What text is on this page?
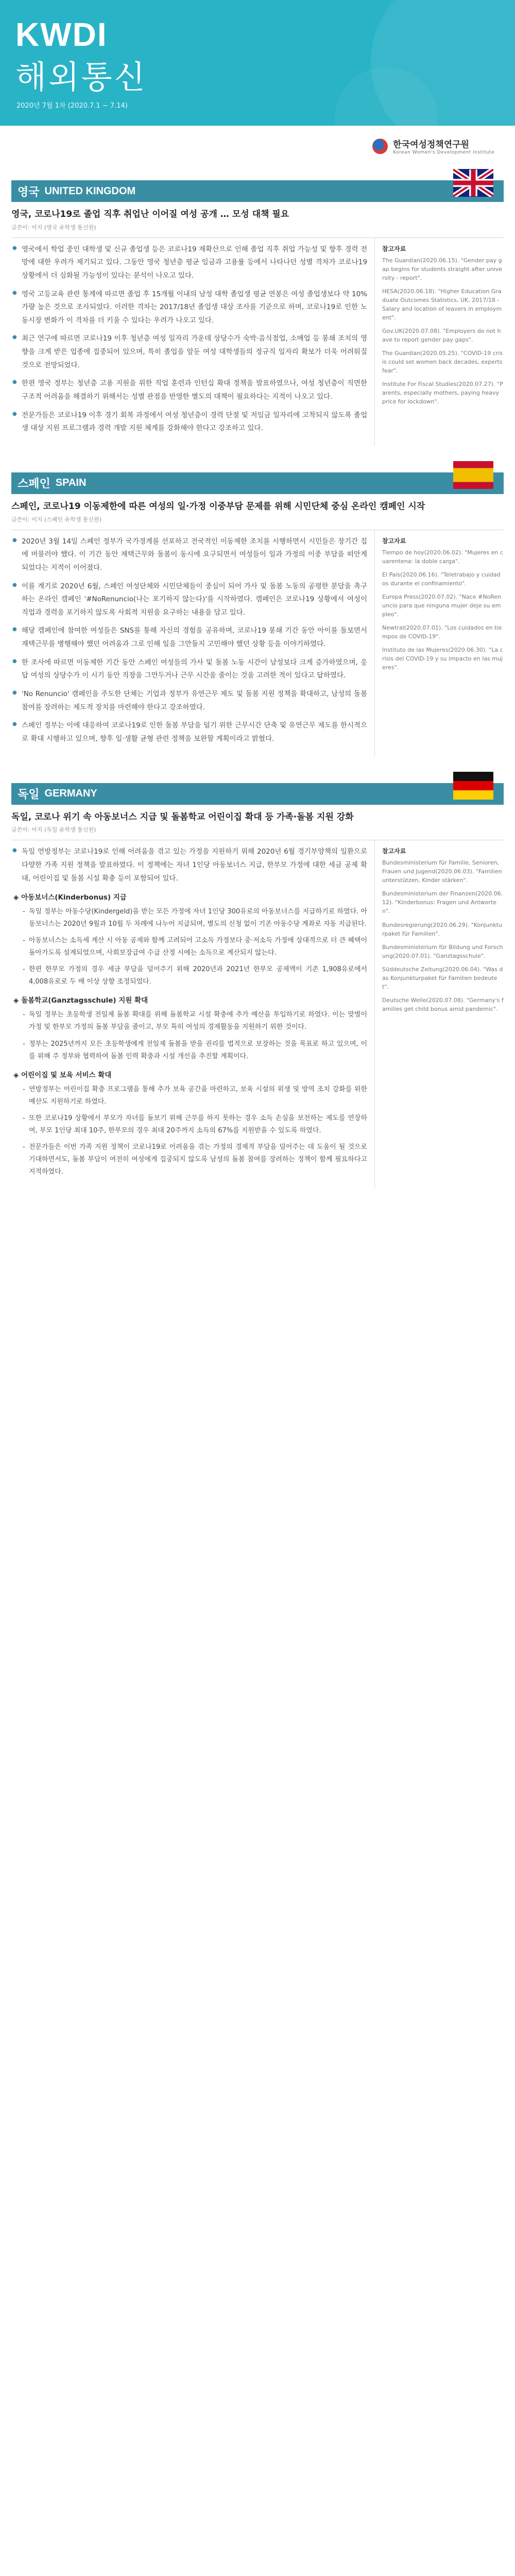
KWDI
해외통신
2020년 7월 1차 (2020.7.1 ~ 7.14)
한국여성정책연구원
Korean Women's Development Institute
영국 UNITED KINGDOM
영국, 코로나19로 졸업 직후 취업난 이어질 여성 공개 … 모성 대책 필요
글쓴이: 이지 (영국 유학생 통신원)

● 영국에서 학업 중인 대학생 및 신규 졸업생 등은 코로나19 재확산으로 인해 졸업 직후 취업 가능성 및 향후 경력 전망에 대한 우려가 제기되고 있다. 그동안 영국 청년층 평균 임금과 고용률 등에서 나타나던 성별 격차가 코로나19 상황에서 더 심화될 가능성이 있다는 분석이 나오고 있다.

● 영국 고등교육 관련 통계에 따르면 졸업 후 15개월 이내의 남성 대학 졸업생 평균 연봉은 여성 졸업생보다 약 10%가량 높은 것으로 조사되었다. 이러한 격차는 2017/18년 졸업생 대상 조사를 기준으로 하며, 코로나19로 인한 노동시장 변화가 이 격차를 더 키울 수 있다는 우려가 나오고 있다.

● 최근 연구에 따르면 코로나19 이후 청년층 여성 일자리 가운데 상당수가 숙박·음식점업, 소매업 등 봉쇄 조치의 영향을 크게 받은 업종에 집중되어 있으며, 특히 졸업을 앞둔 여성 대학생들의 정규직 일자리 확보가 더욱 어려워질 것으로 전망되었다.

● 한편 영국 정부는 청년층 고용 지원을 위한 직업 훈련과 인턴십 확대 정책을 발표하였으나, 여성 청년층이 직면한 구조적 어려움을 해결하기 위해서는 성별 관점을 반영한 별도의 대책이 필요하다는 지적이 나오고 있다.

● 전문가들은 코로나19 이후 경기 회복 과정에서 여성 청년층이 경력 단절 및 저임금 일자리에 고착되지 않도록 졸업생 대상 지원 프로그램과 경력 개발 지원 체계를 강화해야 한다고 강조하고 있다.

참고자료
The Guardian(2020.06.15). "Gender pay gap begins for students straight after university - report".
HESA(2020.06.18). "Higher Education Graduate Outcomes Statistics, UK, 2017/18 - Salary and location of leavers in employment".
Gov.UK(2020.07.08). "Employers do not have to report gender pay gaps".
The Guardian(2020.05.25). "COVID-19 crisis could set women back decades, experts fear".
Institute For Fiscal Studies(2020.07.27). "Parents, especially mothers, paying heavy price for lockdown".
스페인 SPAIN
스페인, 코로나19 이동제한에 따른 여성의 일·가정 이중부담 문제를 위해 시민단체 중심 온라인 캠페인 시작
글쓴이: 이지 (스페인 유학생 통신원)

● 2020년 3월 14일 스페인 정부가 국가경계를 선포하고 전국적인 이동제한 조치를 시행하면서 시민들은 장기간 집에 머물러야 했다. 이 기간 동안 재택근무와 돌봄이 동시에 요구되면서 여성들이 일과 가정의 이중 부담을 떠안게 되었다는 지적이 이어졌다.

● 이를 계기로 2020년 6월, 스페인 여성단체와 시민단체들이 중심이 되어 가사 및 돌봄 노동의 공평한 분담을 촉구하는 온라인 캠페인 '#NoRenuncio(나는 포기하지 않는다)'를 시작하였다. 캠페인은 코로나19 상황에서 여성이 직업과 경력을 포기하지 않도록 사회적 지원을 요구하는 내용을 담고 있다.

● 해당 캠페인에 참여한 여성들은 SNS를 통해 자신의 경험을 공유하며, 코로나19 봉쇄 기간 동안 아이를 돌보면서 재택근무를 병행해야 했던 어려움과 그로 인해 일을 그만둘지 고민해야 했던 상황 등을 이야기하였다.

● 한 조사에 따르면 이동제한 기간 동안 스페인 여성들의 가사 및 돌봄 노동 시간이 남성보다 크게 증가하였으며, 응답 여성의 상당수가 이 시기 동안 직장을 그만두거나 근무 시간을 줄이는 것을 고려한 적이 있다고 답하였다.

● 'No Renuncio' 캠페인을 주도한 단체는 기업과 정부가 유연근무 제도 및 돌봄 지원 정책을 확대하고, 남성의 돌봄 참여를 장려하는 제도적 장치를 마련해야 한다고 강조하였다.

● 스페인 정부는 이에 대응하여 코로나19로 인한 돌봄 부담을 덜기 위한 근무시간 단축 및 유연근무 제도를 한시적으로 확대 시행하고 있으며, 향후 일·생활 균형 관련 정책을 보완할 계획이라고 밝혔다.

참고자료
Tiempo de hoy(2020.06.02). "Mujeres en cuarentena: la doble carga".
El País(2020.06.16). "Teletrabajo y cuidados durante el confinamiento".
Europa Press(2020.07.02). "Nace #NoRenuncio para que ninguna mujer deje su empleo".
Newtral(2020.07.01). "Los cuidados en tiempos de COVID-19".
Instituto de las Mujeres(2020.06.30). "La crisis del COVID-19 y su impacto en las mujeres".
독일 GERMANY
독일, 코로나 위기 속 아동보너스 지급 및 돌봄학교 어린이집 확대 등 가족·돌봄 지원 강화
글쓴이: 이지 (독일 유학생 통신원)

● 독일 연방정부는 코로나19로 인해 어려움을 겪고 있는 가정을 지원하기 위해 2020년 6월 경기부양책의 일환으로 다양한 가족 지원 정책을 발표하였다. 이 정책에는 자녀 1인당 아동보너스 지급, 한부모 가정에 대한 세금 공제 확대, 어린이집 및 돌봄 시설 확충 등이 포함되어 있다.

◈ 아동보너스(Kinderbonus) 지급

- 독일 정부는 아동수당(Kindergeld)을 받는 모든 가정에 자녀 1인당 300유로의 아동보너스를 지급하기로 하였다. 아동보너스는 2020년 9월과 10월 두 차례에 나누어 지급되며, 별도의 신청 없이 기존 아동수당 계좌로 자동 지급된다.

- 아동보너스는 소득세 계산 시 아동 공제와 함께 고려되어 고소득 가정보다 중·저소득 가정에 상대적으로 더 큰 혜택이 돌아가도록 설계되었으며, 사회보장급여 수급 산정 시에는 소득으로 계산되지 않는다.

- 한편 한부모 가정의 경우 세금 부담을 덜어주기 위해 2020년과 2021년 한부모 공제액이 기존 1,908유로에서 4,008유로로 두 배 이상 상향 조정되었다.

◈ 돌봄학교(Ganztagsschule) 지원 확대

- 독일 정부는 초등학생 전일제 돌봄 확대를 위해 돌봄학교 시설 확충에 추가 예산을 투입하기로 하였다. 이는 맞벌이 가정 및 한부모 가정의 돌봄 부담을 줄이고, 부모 특히 여성의 경제활동을 지원하기 위한 것이다.

- 정부는 2025년까지 모든 초등학생에게 전일제 돌봄을 받을 권리를 법적으로 보장하는 것을 목표로 하고 있으며, 이를 위해 주 정부와 협력하여 돌봄 인력 확충과 시설 개선을 추진할 계획이다.

◈ 어린이집 및 보육 서비스 확대

- 연방정부는 어린이집 확충 프로그램을 통해 추가 보육 공간을 마련하고, 보육 시설의 위생 및 방역 조치 강화를 위한 예산도 지원하기로 하였다.

- 또한 코로나19 상황에서 부모가 자녀를 돌보기 위해 근무를 하지 못하는 경우 소득 손실을 보전하는 제도를 연장하여, 부모 1인당 최대 10주, 한부모의 경우 최대 20주까지 소득의 67%를 지원받을 수 있도록 하였다.

- 전문가들은 이번 가족 지원 정책이 코로나19로 어려움을 겪는 가정의 경제적 부담을 덜어주는 데 도움이 될 것으로 기대하면서도, 돌봄 부담이 여전히 여성에게 집중되지 않도록 남성의 돌봄 참여를 장려하는 정책이 함께 필요하다고 지적하였다.

참고자료
Bundesministerium für Familie, Senioren, Frauen und Jugend(2020.06.03). "Familien unterstützen, Kinder stärken".
Bundesministerium der Finanzen(2020.06.12). "Kinderbonus: Fragen und Antworten".
Bundesregierung(2020.06.29). "Konjunkturpaket für Familien".
Bundesministerium für Bildung und Forschung(2020.07.01). "Ganztagsschule".
Süddeutsche Zeitung(2020.06.04). "Was das Konjunkturpaket für Familien bedeutet".
Deutsche Welle(2020.07.08). "Germany's families get child bonus amid pandemic".
